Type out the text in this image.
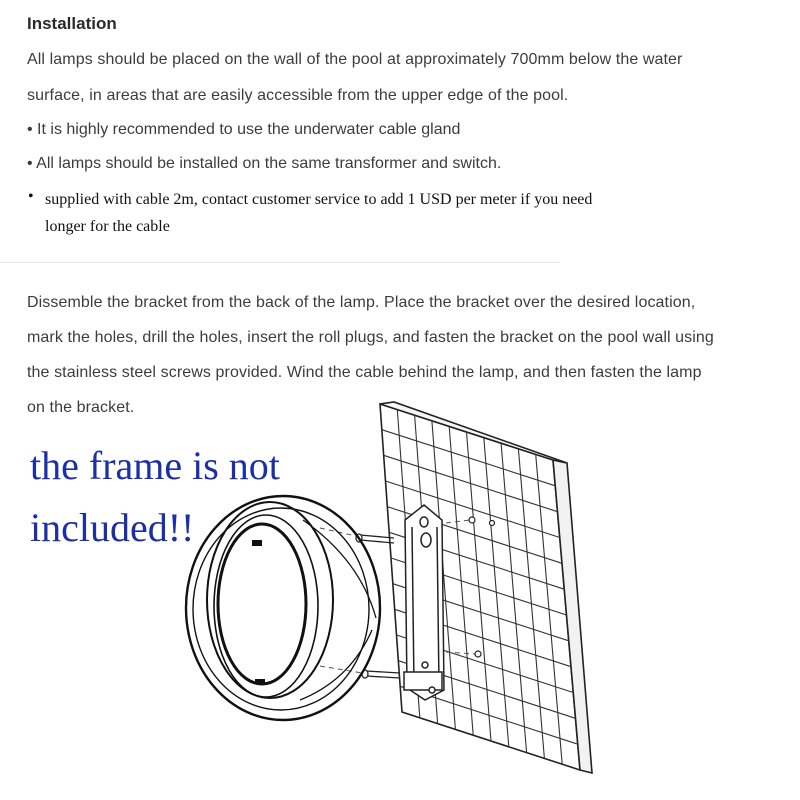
Installation
All lamps should be placed on the wall of the pool at approximately 700mm below the water
surface, in areas that are easily accessible from the upper edge of the pool.
• It is highly recommended to use the underwater cable gland
• All lamps should be installed on the same transformer and switch.
• supplied with cable 2m, contact customer service to add 1 USD per meter if you need
longer for the cable
Dissemble the bracket from the back of the lamp. Place the bracket over the desired location,
mark the holes, drill the holes, insert the roll plugs, and fasten the bracket on the pool wall using
the stainless steel screws provided. Wind the cable behind the lamp, and then fasten the lamp
on the bracket.
the frame is not
included!!
